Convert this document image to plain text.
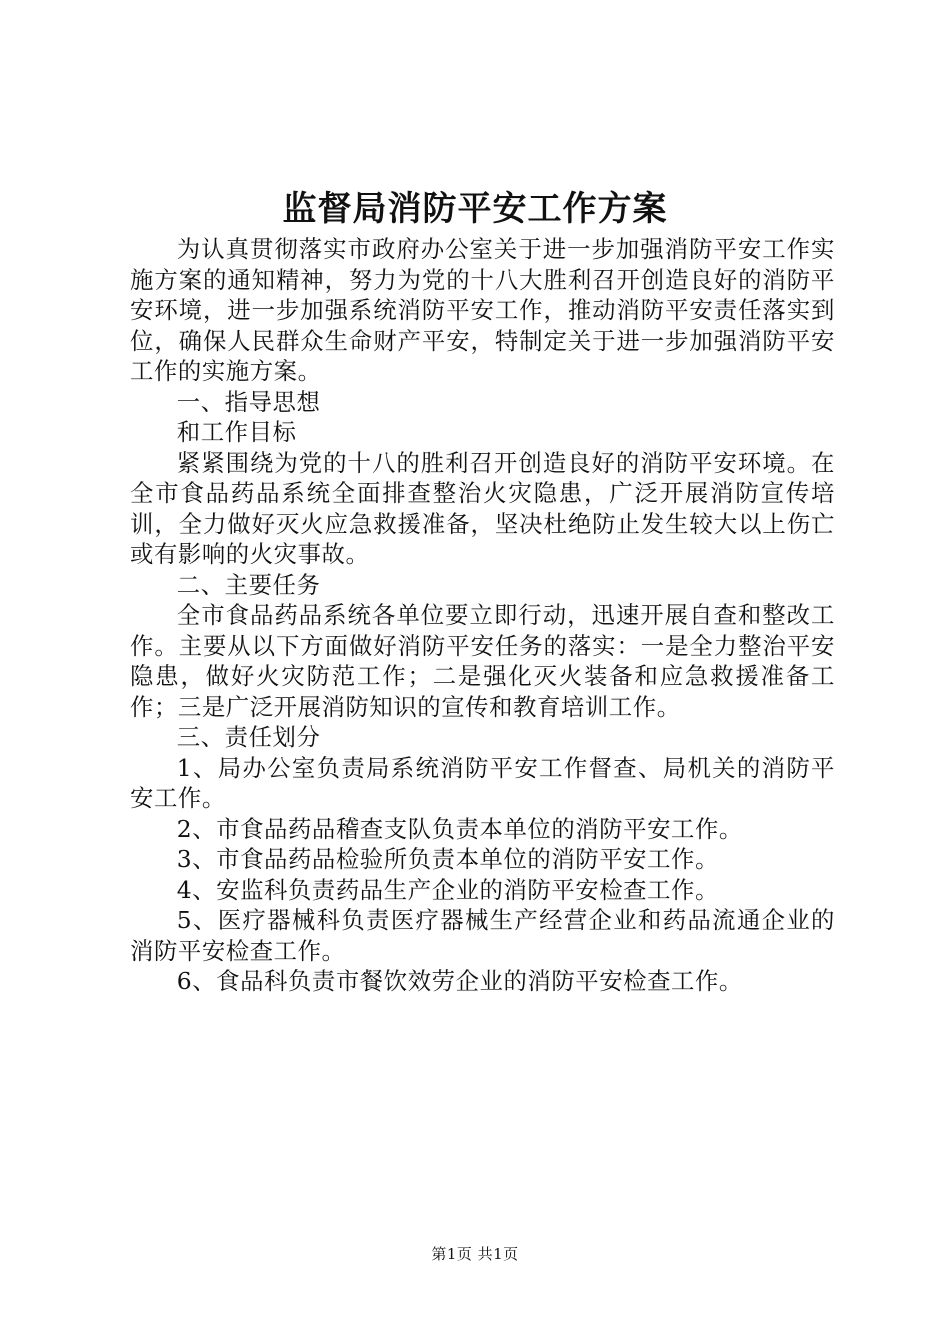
监督局消防平安工作方案

为认真贯彻落实市政府办公室关于进一步加强消防平安工作实施方案的通知精神，努力为党的十八大胜利召开创造良好的消防平安环境，进一步加强系统消防平安工作，推动消防平安责任落实到位，确保人民群众生命财产平安，特制定关于进一步加强消防平安工作的实施方案。

一、指导思想

和工作目标

紧紧围绕为党的十八的胜利召开创造良好的消防平安环境。在全市食品药品系统全面排查整治火灾隐患，广泛开展消防宣传培训，全力做好灭火应急救援准备，坚决杜绝防止发生较大以上伤亡或有影响的火灾事故。

二、主要任务

全市食品药品系统各单位要立即行动，迅速开展自查和整改工作。主要从以下方面做好消防平安任务的落实：一是全力整治平安隐患，做好火灾防范工作；二是强化灭火装备和应急救援准备工作；三是广泛开展消防知识的宣传和教育培训工作。

三、责任划分

1、局办公室负责局系统消防平安工作督查、局机关的消防平安工作。

2、市食品药品稽查支队负责本单位的消防平安工作。

3、市食品药品检验所负责本单位的消防平安工作。

4、安监科负责药品生产企业的消防平安检查工作。

5、医疗器械科负责医疗器械生产经营企业和药品流通企业的消防平安检查工作。

6、食品科负责市餐饮效劳企业的消防平安检查工作。

第1页 共1页
